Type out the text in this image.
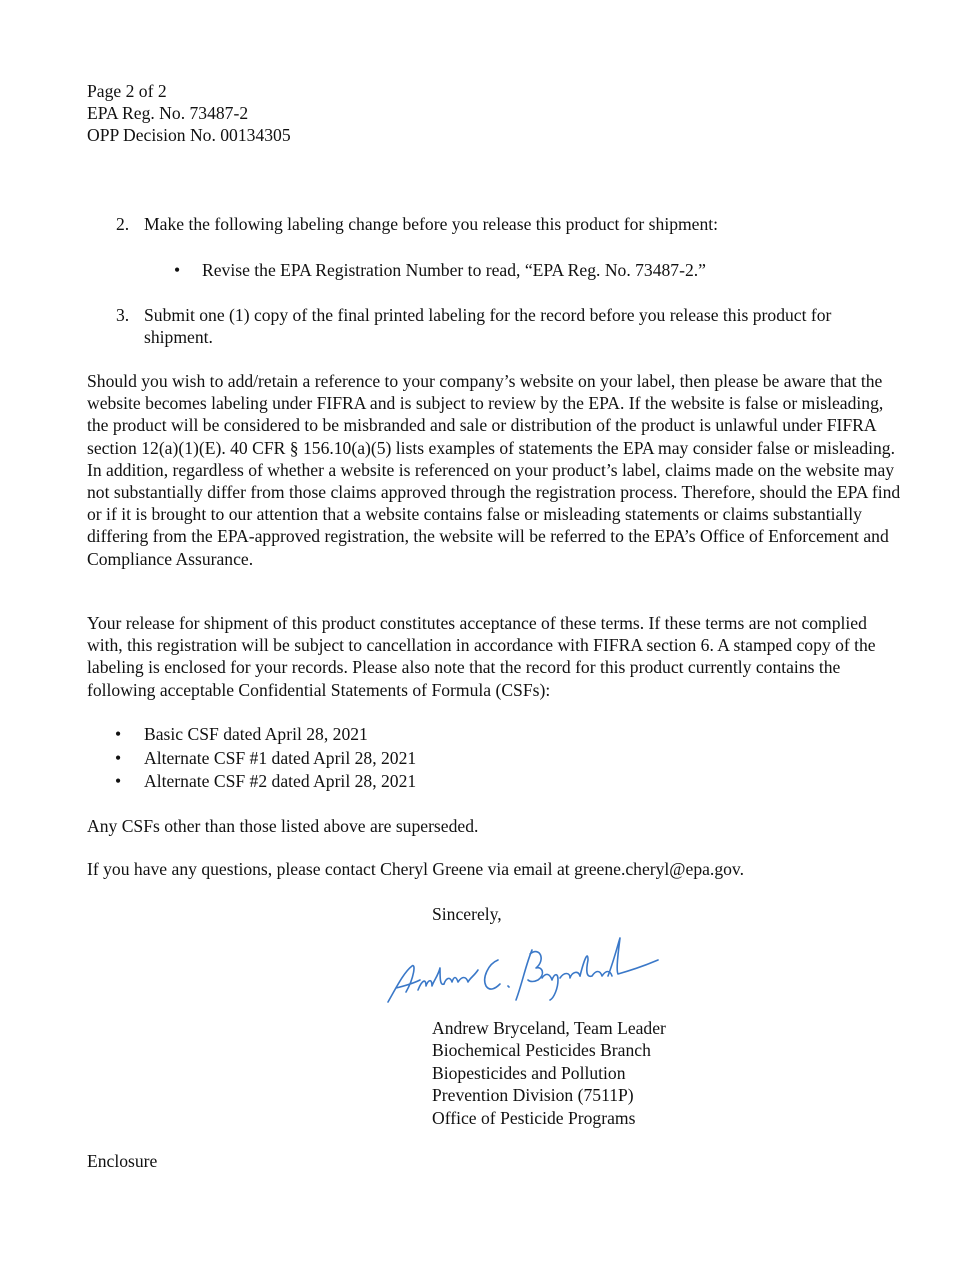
Page 2 of 2
EPA Reg. No. 73487-2
OPP Decision No. 00134305
2. Make the following labeling change before you release this product for shipment:
• Revise the EPA Registration Number to read, “EPA Reg. No. 73487-2.”
3. Submit one (1) copy of the final printed labeling for the record before you release this product for shipment.

Should you wish to add/retain a reference to your company’s website on your label, then please be aware that the website becomes labeling under FIFRA and is subject to review by the EPA. If the website is false or misleading, the product will be considered to be misbranded and sale or distribution of the product is unlawful under FIFRA section 12(a)(1)(E). 40 CFR § 156.10(a)(5) lists examples of statements the EPA may consider false or misleading. In addition, regardless of whether a website is referenced on your product’s label, claims made on the website may not substantially differ from those claims approved through the registration process. Therefore, should the EPA find or if it is brought to our attention that a website contains false or misleading statements or claims substantially differing from the EPA-approved registration, the website will be referred to the EPA’s Office of Enforcement and Compliance Assurance.

Your release for shipment of this product constitutes acceptance of these terms. If these terms are not complied with, this registration will be subject to cancellation in accordance with FIFRA section 6. A stamped copy of the labeling is enclosed for your records. Please also note that the record for this product currently contains the following acceptable Confidential Statements of Formula (CSFs):

• Basic CSF dated April 28, 2021
• Alternate CSF #1 dated April 28, 2021
• Alternate CSF #2 dated April 28, 2021
Any CSFs other than those listed above are superseded.
If you have any questions, please contact Cheryl Greene via email at greene.cheryl@epa.gov.
Sincerely,
Andrew Bryceland, Team Leader
Biochemical Pesticides Branch
Biopesticides and Pollution
Prevention Division (7511P)
Office of Pesticide Programs
Enclosure
